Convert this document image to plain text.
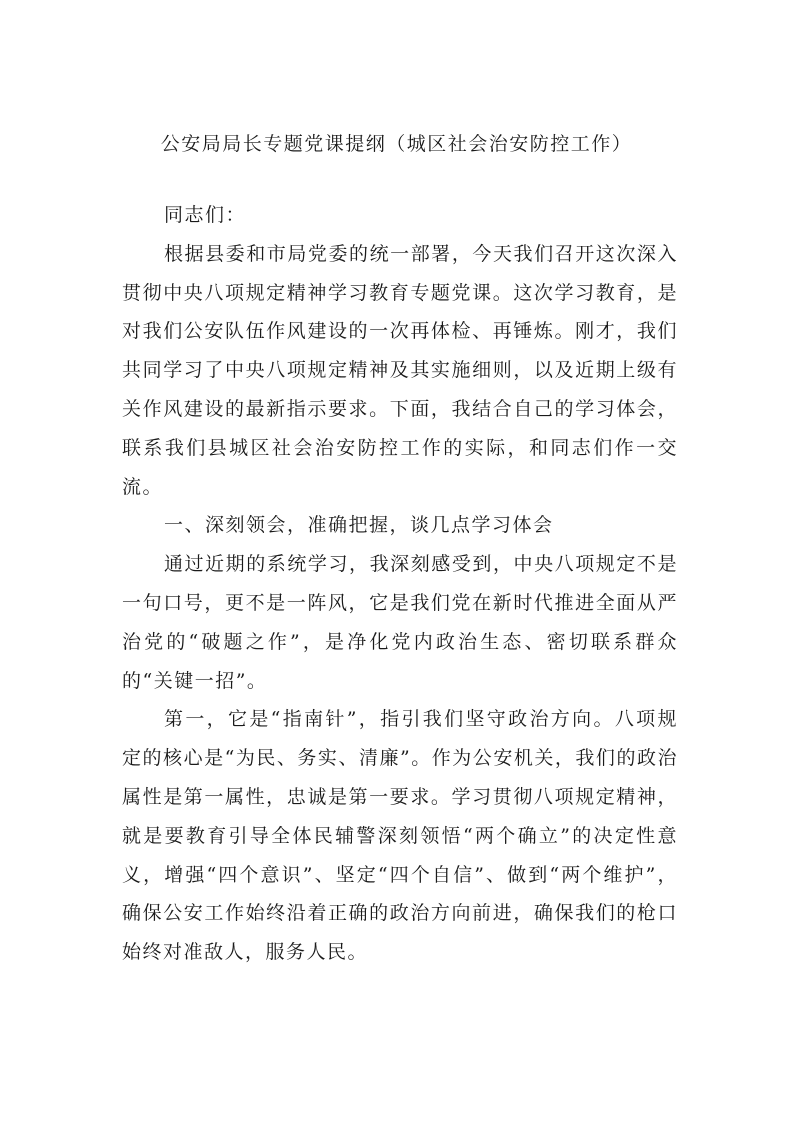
公安局局长专题党课提纲（城区社会治安防控工作）

同志们：

根据县委和市局党委的统一部署，今天我们召开这次深入贯彻中央八项规定精神学习教育专题党课。这次学习教育，是对我们公安队伍作风建设的一次再体检、再锤炼。刚才，我们共同学习了中央八项规定精神及其实施细则，以及近期上级有关作风建设的最新指示要求。下面，我结合自己的学习体会，联系我们县城区社会治安防控工作的实际，和同志们作一交流。

一、深刻领会，准确把握，谈几点学习体会

通过近期的系统学习，我深刻感受到，中央八项规定不是一句口号，更不是一阵风，它是我们党在新时代推进全面从严治党的“破题之作”，是净化党内政治生态、密切联系群众的“关键一招”。

第一，它是“指南针”，指引我们坚守政治方向。八项规定的核心是“为民、务实、清廉”。作为公安机关，我们的政治属性是第一属性，忠诚是第一要求。学习贯彻八项规定精神，就是要教育引导全体民辅警深刻领悟“两个确立”的决定性意义，增强“四个意识”、坚定“四个自信”、做到“两个维护”，确保公安工作始终沿着正确的政治方向前进，确保我们的枪口始终对准敌人，服务人民。
